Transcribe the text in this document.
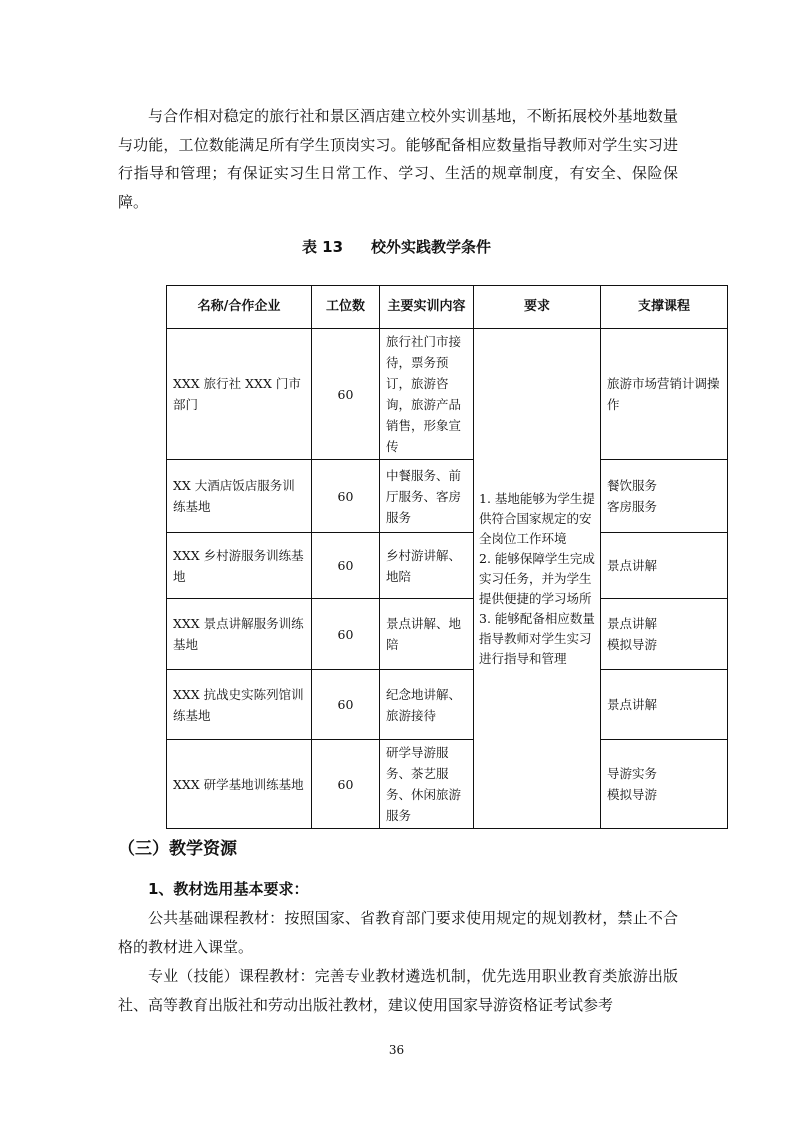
与合作相对稳定的旅行社和景区酒店建立校外实训基地，不断拓展校外基地数量与功能，工位数能满足所有学生顶岗实习。能够配备相应数量指导教师对学生实习进行指导和管理；有保证实习生日常工作、学习、生活的规章制度，有安全、保险保障。

表 13 校外实践教学条件
名称/合作企业	工位数	主要实训内容	要求	支撑课程
XXX 旅行社 XXX 门市部门	60	旅行社门市接待，票务预订，旅游咨询，旅游产品销售，形象宣传	1. 基地能够为学生提供符合国家规定的安全岗位工作环境
2. 能够保障学生完成实习任务，并为学生提供便捷的学习场所
3. 能够配备相应数量指导教师对学生实习进行指导和管理	旅游市场营销计调操作
XX 大酒店饭店服务训练基地	60	中餐服务、前厅服务、客房服务		餐饮服务
客房服务
XXX 乡村游服务训练基地	60	乡村游讲解、地陪		景点讲解
XXX 景点讲解服务训练基地	60	景点讲解、地陪		景点讲解
模拟导游
XXX 抗战史实陈列馆训练基地	60	纪念地讲解、旅游接待		景点讲解
XXX 研学基地训练基地	60	研学导游服务、茶艺服务、休闲旅游服务		导游实务
模拟导游
（三）教学资源
1、教材选用基本要求：

公共基础课程教材：按照国家、省教育部门要求使用规定的规划教材，禁止不合格的教材进入课堂。

专业（技能）课程教材：完善专业教材遴选机制，优先选用职业教育类旅游出版社、高等教育出版社和劳动出版社教材，建议使用国家导游资格证考试参考

36
